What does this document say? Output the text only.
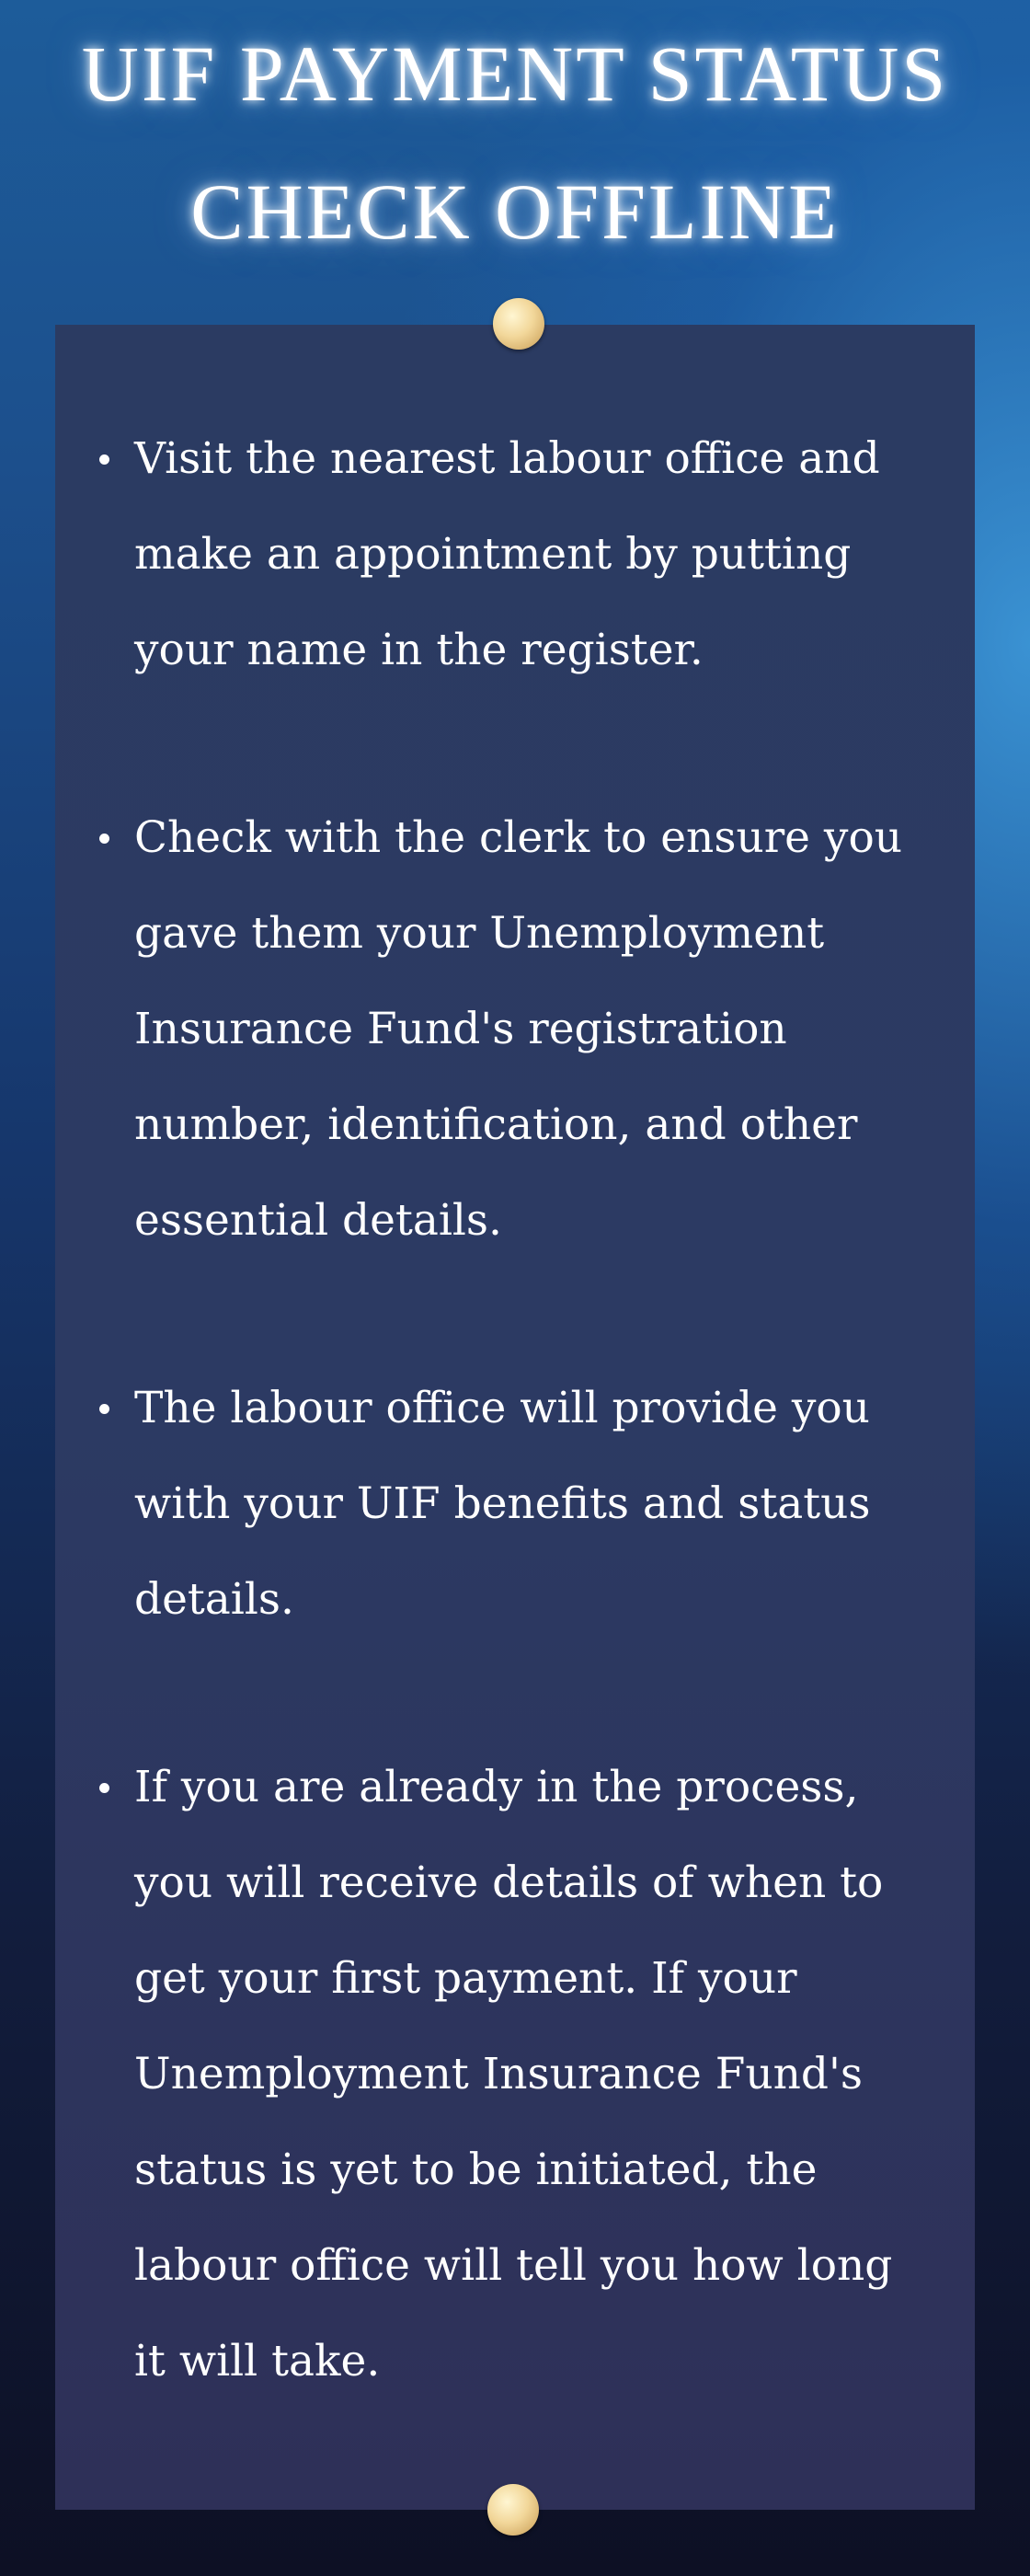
UIF PAYMENT STATUS
CHECK OFFLINE
Visit the nearest labour office and
make an appointment by putting
your name in the register.
Check with the clerk to ensure you
gave them your Unemployment
Insurance Fund's registration
number, identification, and other
essential details.
The labour office will provide you
with your UIF benefits and status
details.
If you are already in the process,
you will receive details of when to
get your first payment. If your
Unemployment Insurance Fund's
status is yet to be initiated, the
labour office will tell you how long
it will take.
